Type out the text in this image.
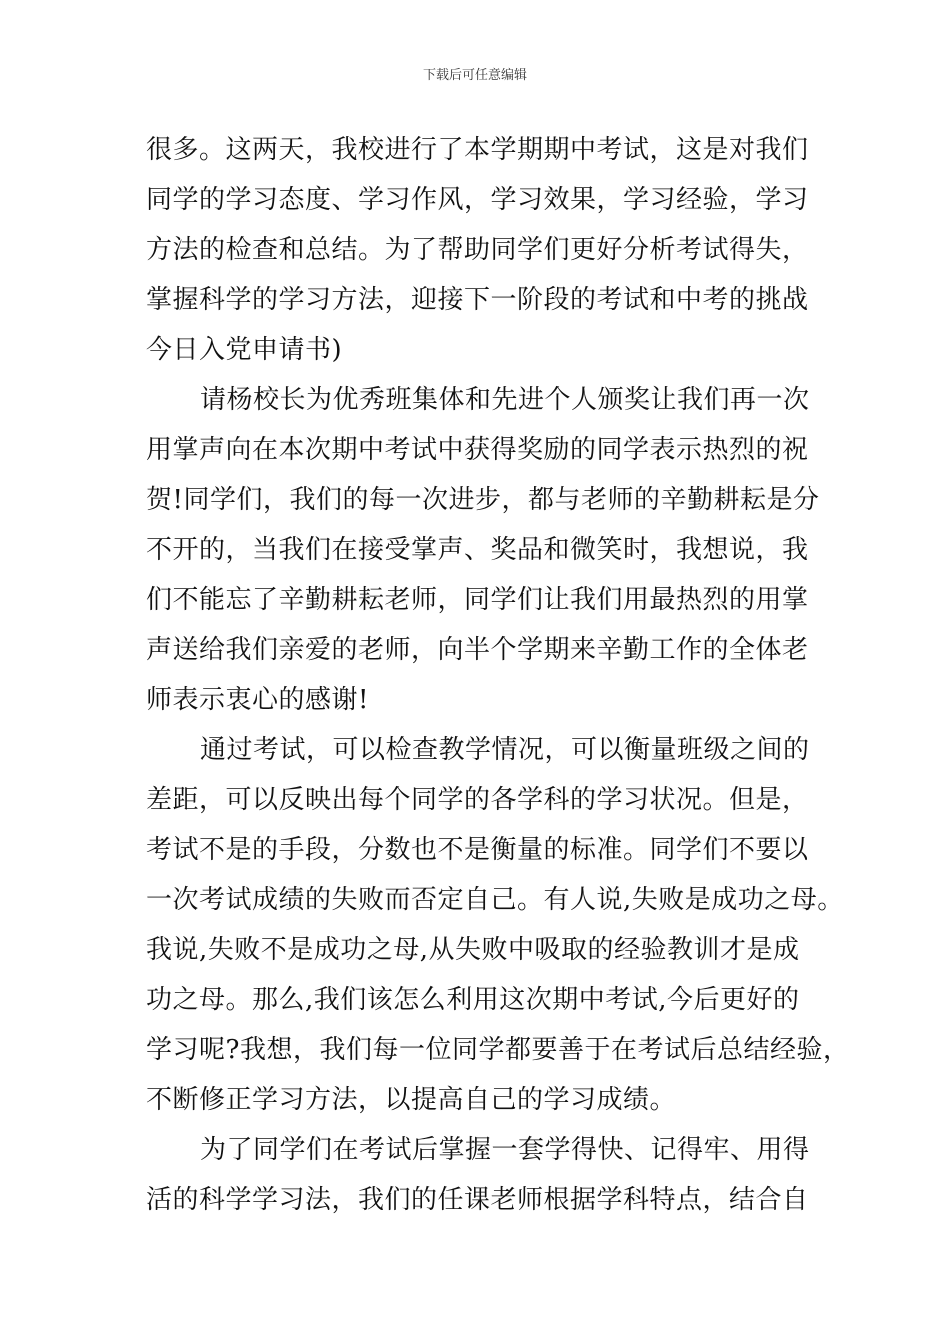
下载后可任意编辑
很多。这两天，我校进行了本学期期中考试，这是对我们
同学的学习态度、学习作风，学习效果，学习经验，学习
方法的检查和总结。为了帮助同学们更好分析考试得失，
掌握科学的学习方法，迎接下一阶段的考试和中考的挑战
今日入党申请书)
请杨校长为优秀班集体和先进个人颁奖让我们再一次
用掌声向在本次期中考试中获得奖励的同学表示热烈的祝
贺!同学们，我们的每一次进步，都与老师的辛勤耕耘是分
不开的，当我们在接受掌声、奖品和微笑时，我想说，我
们不能忘了辛勤耕耘老师，同学们让我们用最热烈的用掌
声送给我们亲爱的老师，向半个学期来辛勤工作的全体老
师表示衷心的感谢!
通过考试，可以检查教学情况，可以衡量班级之间的
差距，可以反映出每个同学的各学科的学习状况。但是，
考试不是的手段，分数也不是衡量的标准。同学们不要以
一次考试成绩的失败而否定自己。有人说,失败是成功之母。
我说,失败不是成功之母,从失败中吸取的经验教训才是成
功之母。那么,我们该怎么利用这次期中考试,今后更好的
学习呢?我想，我们每一位同学都要善于在考试后总结经验，
不断修正学习方法，以提高自己的学习成绩。
为了同学们在考试后掌握一套学得快、记得牢、用得
活的科学学习法，我们的任课老师根据学科特点，结合自
